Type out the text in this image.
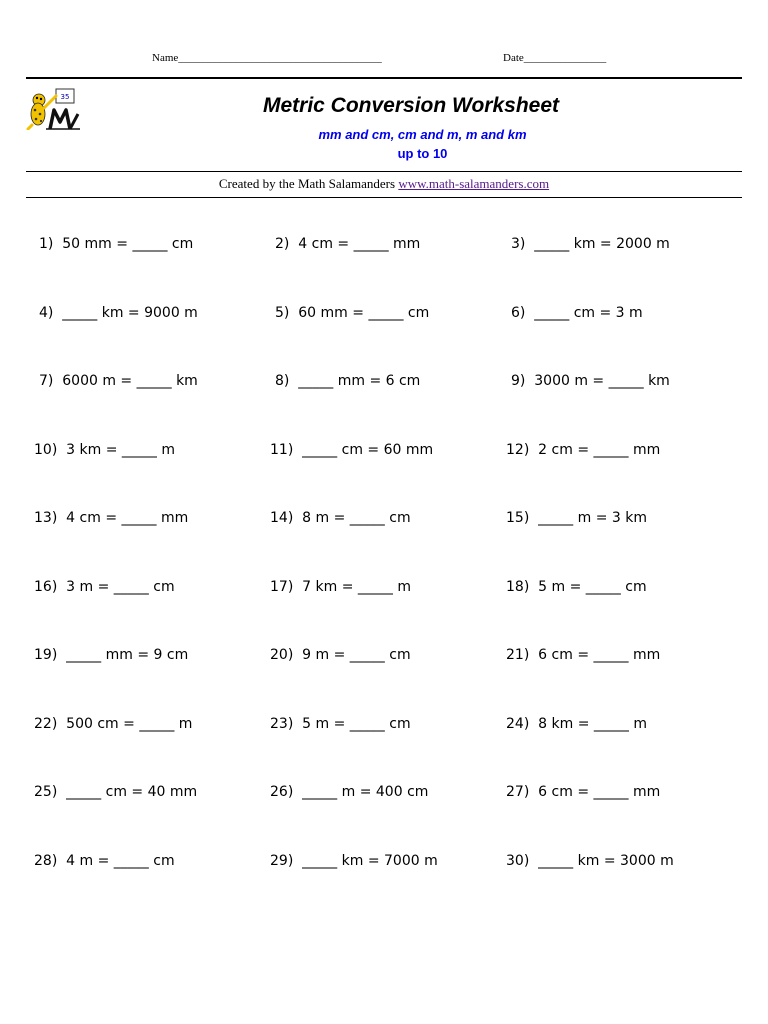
Name_____________________________________	Date_______________
35	Metric Conversion Worksheet
mm and cm, cm and m, m and km
up to 10
Created by the Math Salamanders www.math-salamanders.com
1)  50 mm = _____ cm	2)  4 cm = _____ mm	3)  _____ km = 2000 m
4)  _____ km = 9000 m	5)  60 mm = _____ cm	6)  _____ cm = 3 m
7)  6000 m = _____ km	8)  _____ mm = 6 cm	9)  3000 m = _____ km
10)  3 km = _____ m	11)  _____ cm = 60 mm	12)  2 cm = _____ mm
13)  4 cm = _____ mm	14)  8 m = _____ cm	15)  _____ m = 3 km
16)  3 m = _____ cm	17)  7 km = _____ m	18)  5 m = _____ cm
19)  _____ mm = 9 cm	20)  9 m = _____ cm	21)  6 cm = _____ mm
22)  500 cm = _____ m	23)  5 m = _____ cm	24)  8 km = _____ m
25)  _____ cm = 40 mm	26)  _____ m = 400 cm	27)  6 cm = _____ mm
28)  4 m = _____ cm	29)  _____ km = 7000 m	30)  _____ km = 3000 m
